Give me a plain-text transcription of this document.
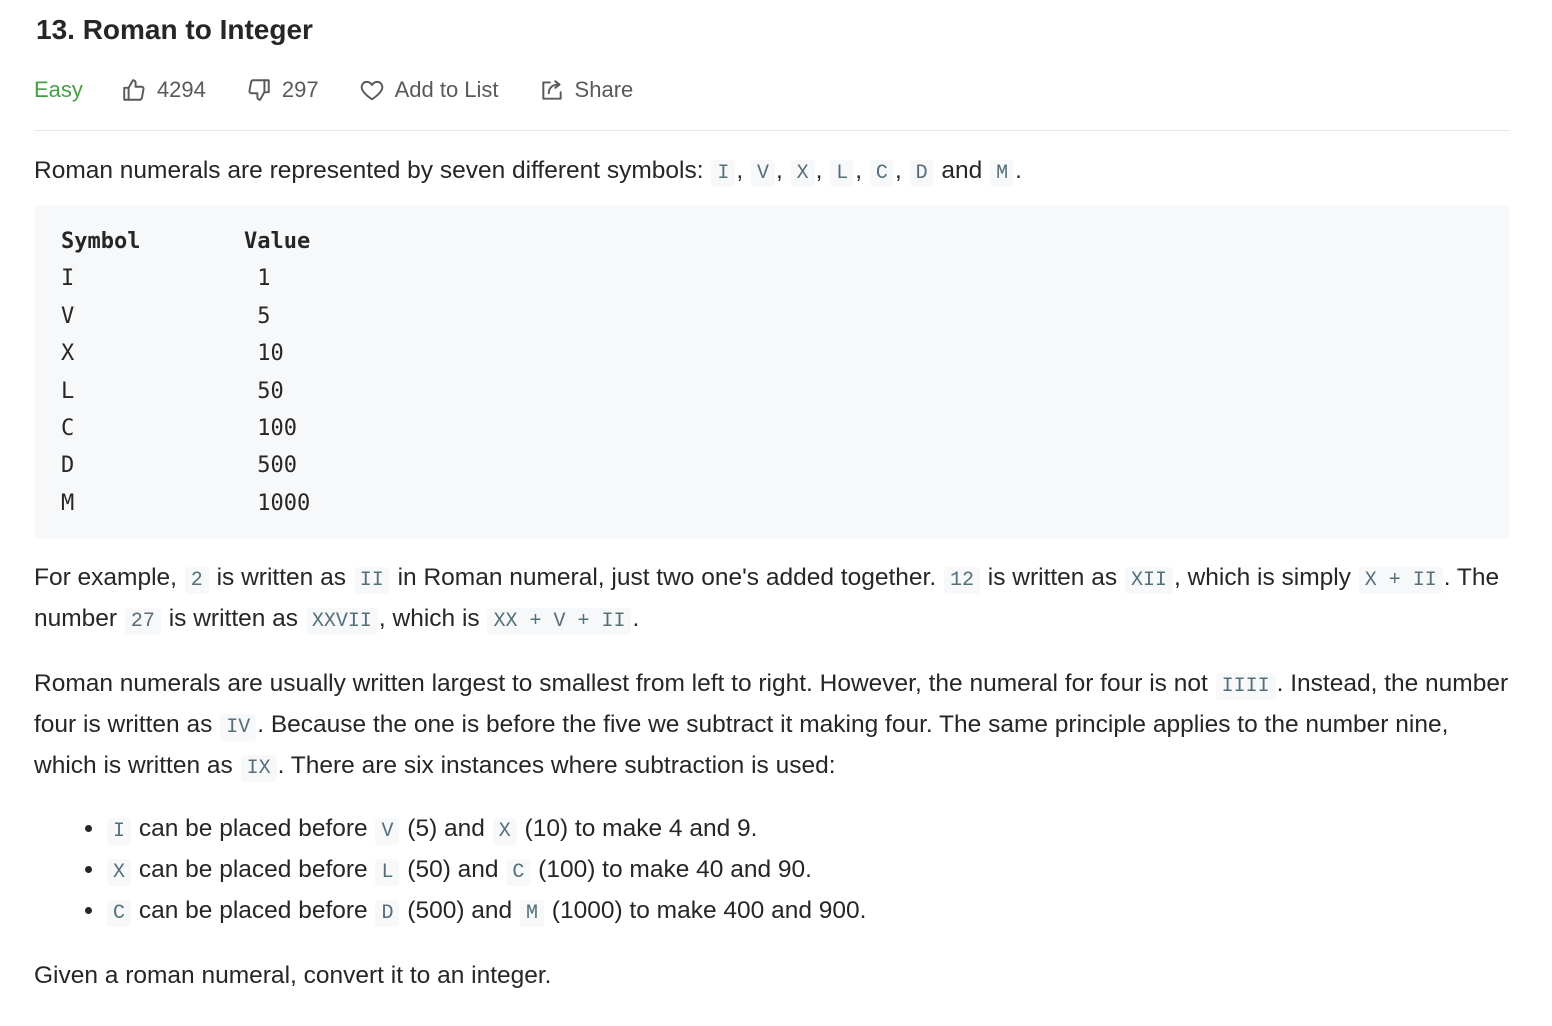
13. Roman to Integer
Easy	4294	297	Add to List	Share

Roman numerals are represented by seven different symbols: I , V , X , L , C , D and M .

Symbol	Value
I	1
V	5
X	10
L	50
C	100
D	500
M	1000

For example, 2 is written as II in Roman numeral, just two one's added together. 12 is written as XII , which is simply X + II . The number 27 is written as XXVII , which is XX + V + II .

Roman numerals are usually written largest to smallest from left to right. However, the numeral for four is not IIII . Instead, the number four is written as IV . Because the one is before the five we subtract it making four. The same principle applies to the number nine, which is written as IX . There are six instances where subtraction is used:

• I can be placed before V (5) and X (10) to make 4 and 9.
• X can be placed before L (50) and C (100) to make 40 and 90.
• C can be placed before D (500) and M (1000) to make 400 and 900.

Given a roman numeral, convert it to an integer.
